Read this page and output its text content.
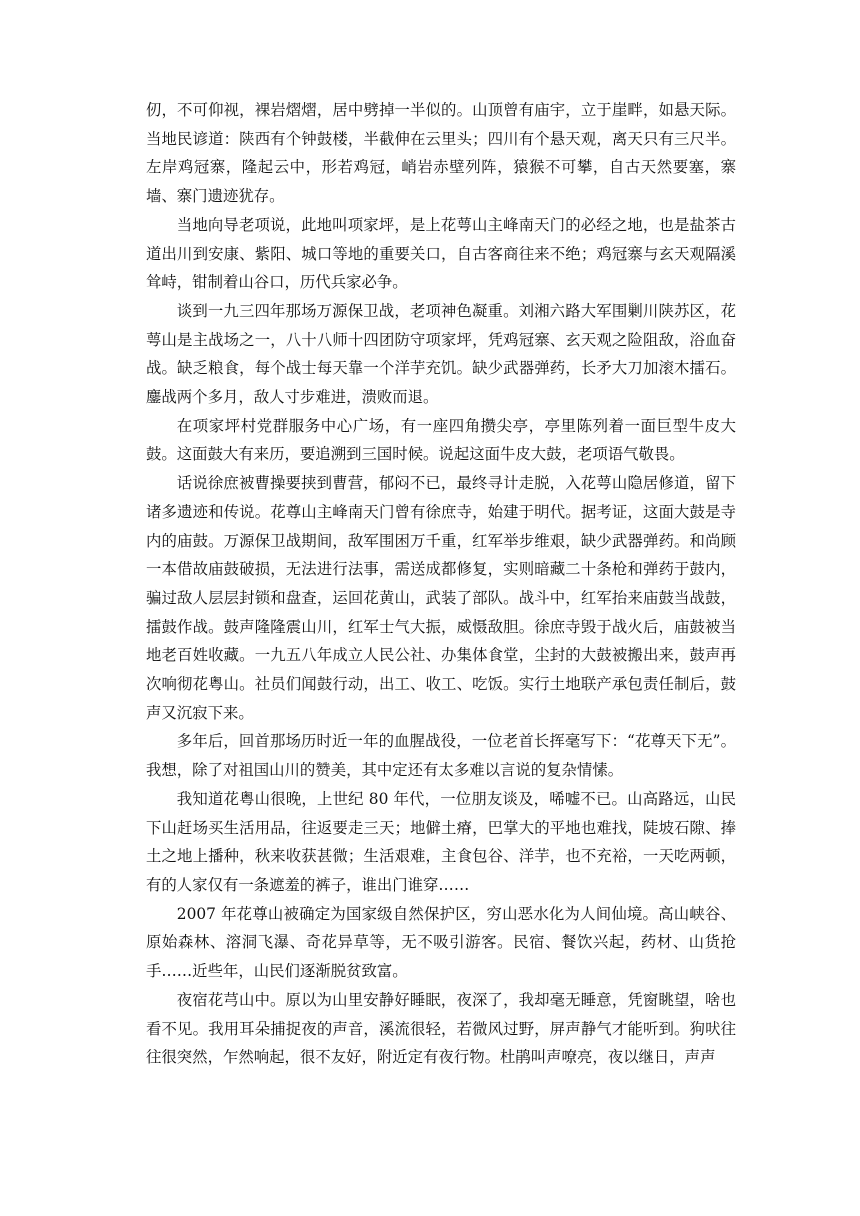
仞，不可仰视，裸岩熠熠，居中劈掉一半似的。山顶曾有庙宇，立于崖畔，如悬天际。当地民谚道：陕西有个钟鼓楼，半截伸在云里头；四川有个悬天观，离天只有三尺半。左岸鸡冠寨，隆起云中，形若鸡冠，峭岩赤壁列阵，猿猴不可攀，自古天然要塞，寨墙、寨门遗迹犹存。

当地向导老项说，此地叫项家坪，是上花萼山主峰南天门的必经之地，也是盐茶古道出川到安康、紫阳、城口等地的重要关口，自古客商往来不绝；鸡冠寨与玄天观隔溪耸峙，钳制着山谷口，历代兵家必争。

谈到一九三四年那场万源保卫战，老项神色凝重。刘湘六路大军围剿川陕苏区，花萼山是主战场之一，八十八师十四团防守项家坪，凭鸡冠寨、玄天观之险阻敌，浴血奋战。缺乏粮食，每个战士每天靠一个洋芋充饥。缺少武器弹药，长矛大刀加滚木擂石。鏖战两个多月，敌人寸步难进，溃败而退。

在项家坪村党群服务中心广场，有一座四角攒尖亭，亭里陈列着一面巨型牛皮大鼓。这面鼓大有来历，要追溯到三国时候。说起这面牛皮大鼓，老项语气敬畏。

话说徐庶被曹操要挟到曹营，郁闷不已，最终寻计走脱，入花萼山隐居修道，留下诸多遗迹和传说。花尊山主峰南天门曾有徐庶寺，始建于明代。据考证，这面大鼓是寺内的庙鼓。万源保卫战期间，敌军围困万千重，红军举步维艰，缺少武器弹药。和尚顾一本借故庙鼓破损，无法进行法事，需送成都修复，实则暗藏二十条枪和弹药于鼓内，骗过敌人层层封锁和盘查，运回花黄山，武装了部队。战斗中，红军抬来庙鼓当战鼓，擂鼓作战。鼓声隆隆震山川，红军士气大振，威慑敌胆。徐庶寺毁于战火后，庙鼓被当地老百姓收藏。一九五八年成立人民公社、办集体食堂，尘封的大鼓被搬出来，鼓声再次响彻花粤山。社员们闻鼓行动，出工、收工、吃饭。实行土地联产承包责任制后，鼓声又沉寂下来。

多年后，回首那场历时近一年的血腥战役，一位老首长挥毫写下：“花尊天下无”。我想，除了对祖国山川的赞美，其中定还有太多难以言说的复杂情愫。

我知道花粤山很晚，上世纪 80 年代，一位朋友谈及，唏嘘不已。山高路远，山民下山赶场买生活用品，往返要走三天；地僻土瘠，巴掌大的平地也难找，陡坡石隙、捧土之地上播种，秋来收获甚微；生活艰难，主食包谷、洋芋，也不充裕，一天吃两顿，有的人家仅有一条遮羞的裤子，谁出门谁穿……

2007 年花尊山被确定为国家级自然保护区，穷山恶水化为人间仙境。高山峡谷、原始森林、溶洞飞瀑、奇花异草等，无不吸引游客。民宿、餐饮兴起，药材、山货抢手……近些年，山民们逐渐脱贫致富。

夜宿花芎山中。原以为山里安静好睡眠，夜深了，我却毫无睡意，凭窗眺望，啥也看不见。我用耳朵捕捉夜的声音，溪流很轻，若微风过野，屏声静气才能听到。狗吠往往很突然，乍然响起，很不友好，附近定有夜行物。杜鹃叫声嘹亮，夜以继日，声声
